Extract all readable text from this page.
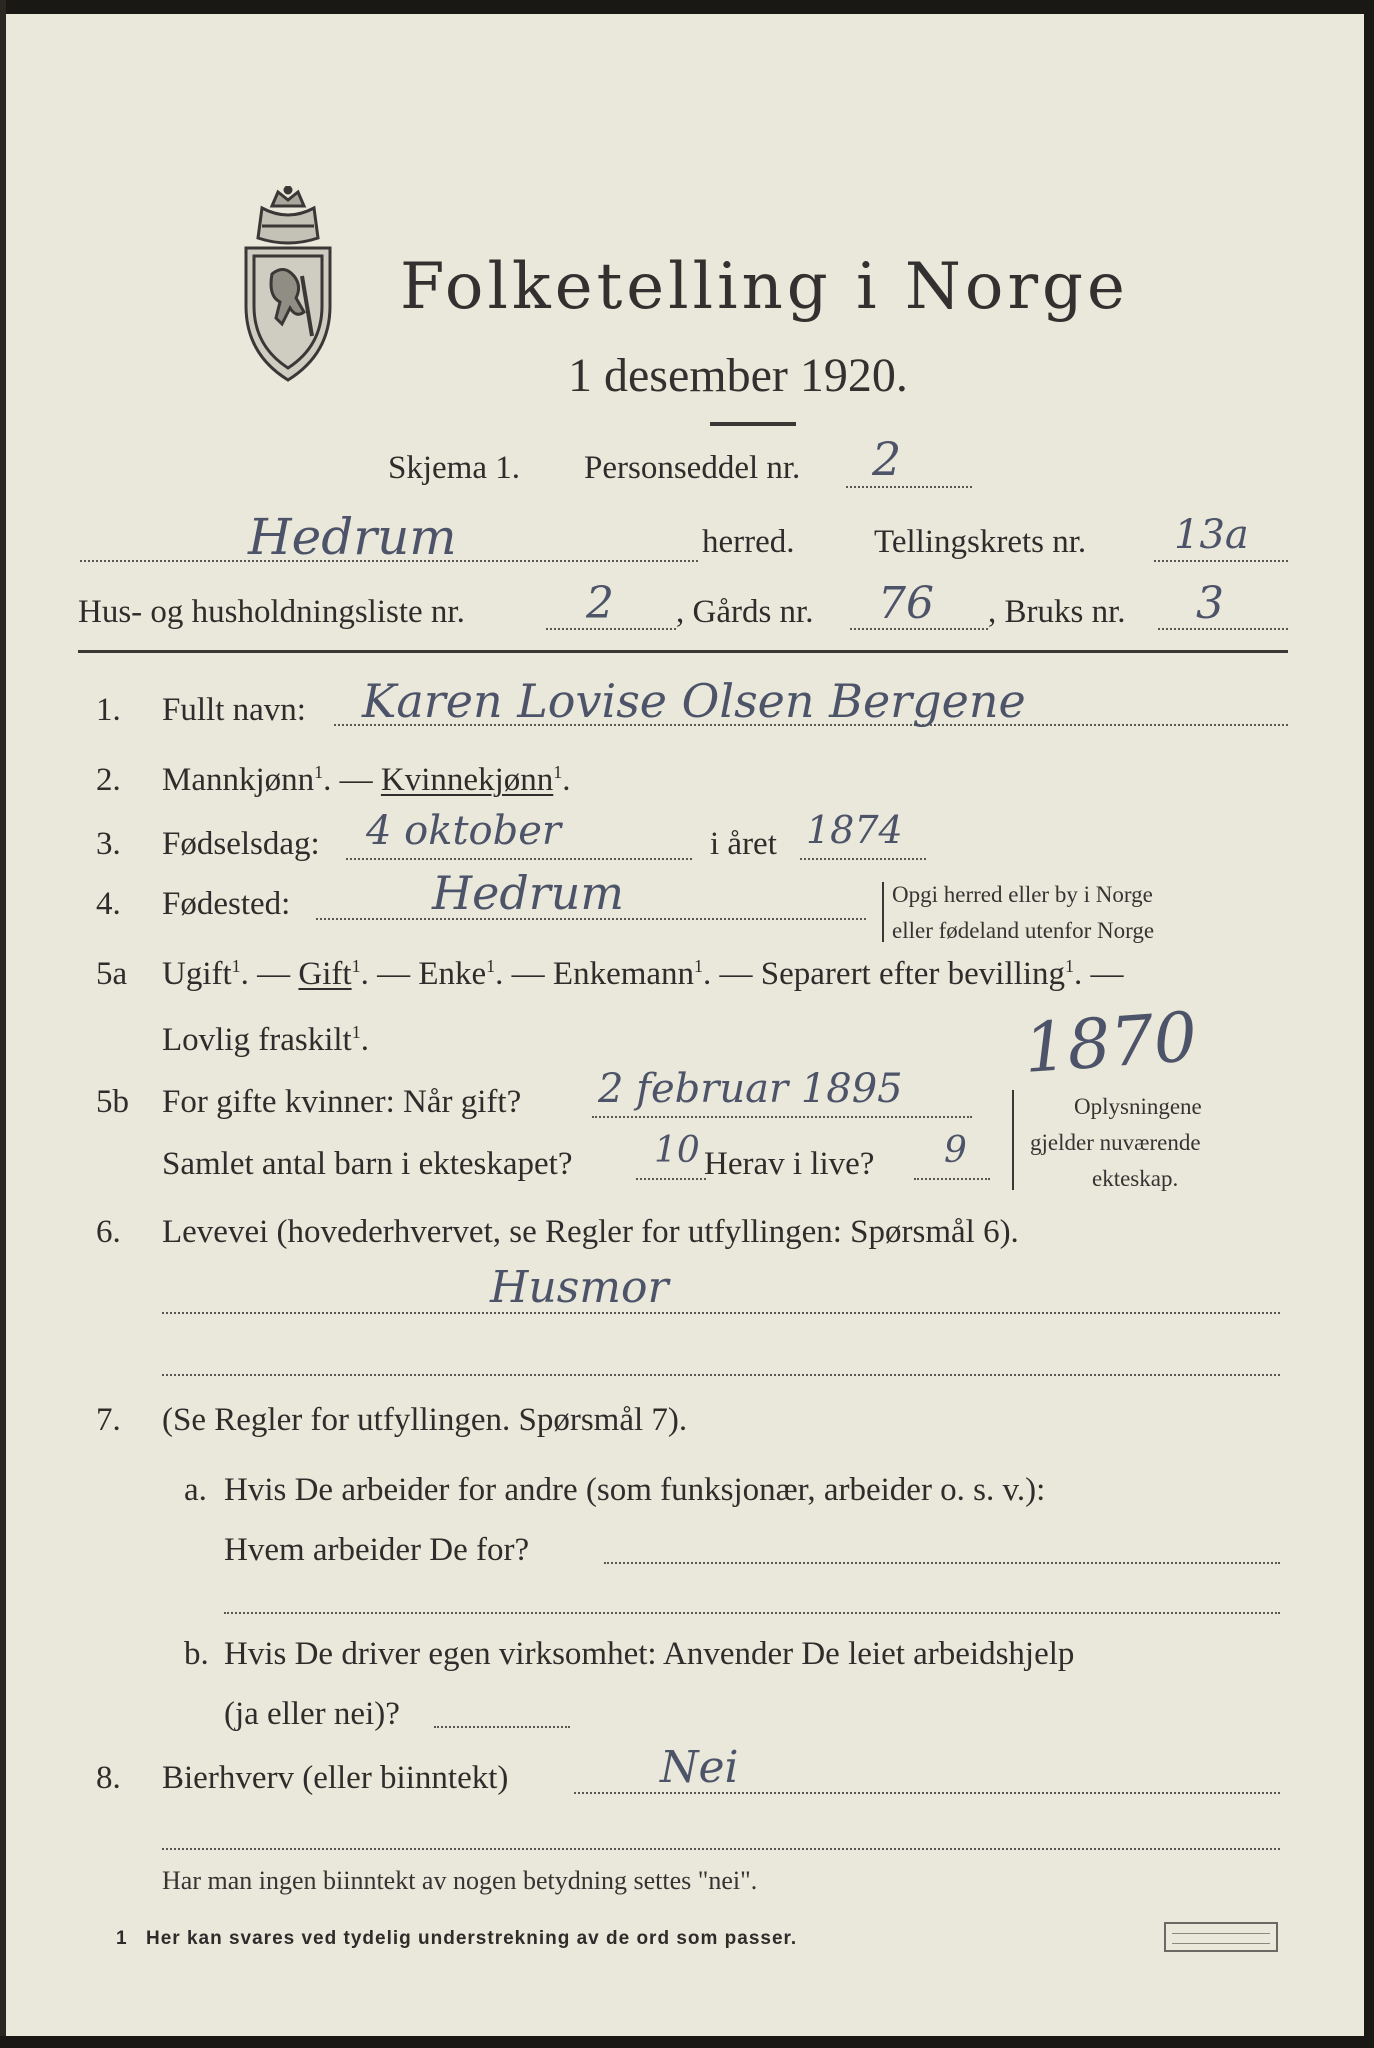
Folketelling i Norge
1 desember 1920.
Skjema 1. Personseddel nr. 2
Hedrum	herred. Tellingskrets nr. 13a
Hus- og husholdningsliste nr.	2 , Gårds nr. 76 , Bruks nr. 3
1. Fullt navn: Karen Lovise Olsen Bergene
2. Mannkjønn$^1$. — Kvinnekjønn$^1$.
3. Fødselsdag: 4 oktober	i året 1874
4. Fødested:	Hedrum	Opgi herred eller by i Norge
eller fødeland utenfor Norge
5a Ugift$^1$. — Gift$^1$. — Enke$^1$. — Enkemann$^1$. — Separert efter bevilling$^1$. —
Lovlig fraskilt$^1$.	1870
5b For gifte kvinner: Når gift? 2 februar 1895
Samlet antal barn i ekteskapet? 10 Herav i live? 9
Oplysningene
gjelder nuværende
ekteskap.
6. Levevei (hovederhvervet, se Regler for utfyllingen: Spørsmål 6).
Husmor
7. (Se Regler for utfyllingen. Spørsmål 7).
a. Hvis De arbeider for andre (som funksjonær, arbeider o. s. v.):
Hvem arbeider De for?
b. Hvis De driver egen virksomhet: Anvender De leiet arbeidshjelp
(ja eller nei)?
8. Bierhverv (eller biinntekt)	Nei
Har man ingen biinntekt av nogen betydning settes "nei".
1 Her kan svares ved tydelig understrekning av de ord som passer.
